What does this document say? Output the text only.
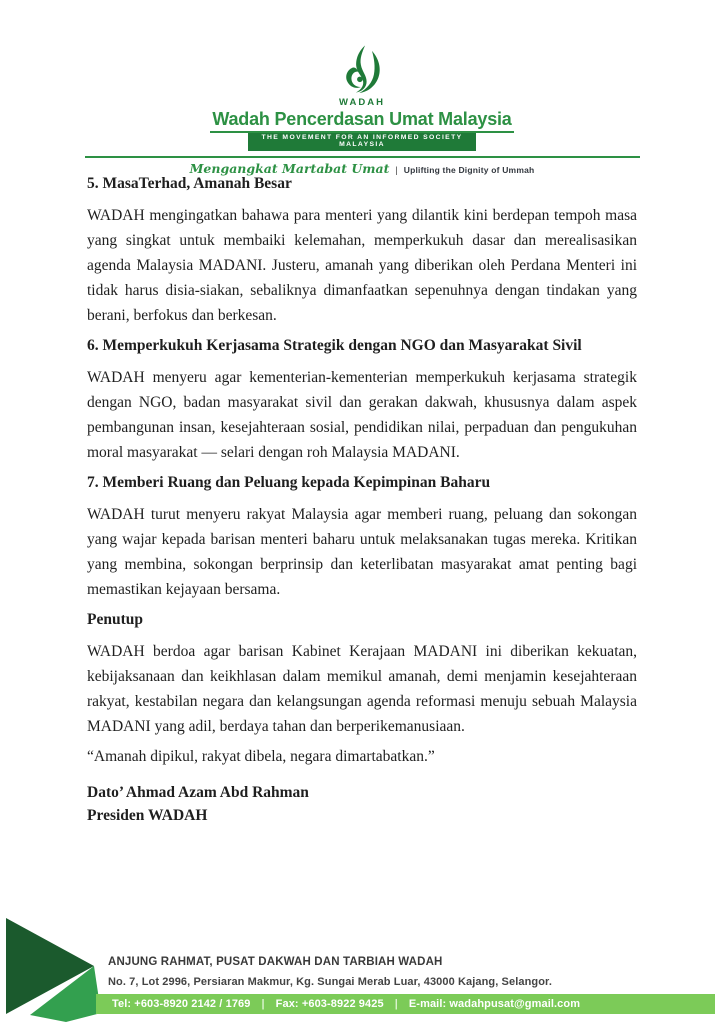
WADAH
Wadah Pencerdasan Umat Malaysia
THE MOVEMENT FOR AN INFORMED SOCIETY MALAYSIA
Mengangkat Martabat Umat | Uplifting the Dignity of Ummah
5. MasaTerhad, Amanah Besar

WADAH mengingatkan bahawa para menteri yang dilantik kini berdepan tempoh masa yang singkat untuk membaiki kelemahan, memperkukuh dasar dan merealisasikan agenda Malaysia MADANI. Justeru, amanah yang diberikan oleh Perdana Menteri ini tidak harus disia-siakan, sebaliknya dimanfaatkan sepenuhnya dengan tindakan yang berani, berfokus dan berkesan.

6. Memperkukuh Kerjasama Strategik dengan NGO dan Masyarakat Sivil

WADAH menyeru agar kementerian-kementerian memperkukuh kerjasama strategik dengan NGO, badan masyarakat sivil dan gerakan dakwah, khususnya dalam aspek pembangunan insan, kesejahteraan sosial, pendidikan nilai, perpaduan dan pengukuhan moral masyarakat — selari dengan roh Malaysia MADANI.

7. Memberi Ruang dan Peluang kepada Kepimpinan Baharu

WADAH turut menyeru rakyat Malaysia agar memberi ruang, peluang dan sokongan yang wajar kepada barisan menteri baharu untuk melaksanakan tugas mereka. Kritikan yang membina, sokongan berprinsip dan keterlibatan masyarakat amat penting bagi memastikan kejayaan bersama.

Penutup

WADAH berdoa agar barisan Kabinet Kerajaan MADANI ini diberikan kekuatan, kebijaksanaan dan keikhlasan dalam memikul amanah, demi menjamin kesejahteraan rakyat, kestabilan negara dan kelangsungan agenda reformasi menuju sebuah Malaysia MADANI yang adil, berdaya tahan dan berperikemanusiaan.

“Amanah dipikul, rakyat dibela, negara dimartabatkan.”

Dato’ Ahmad Azam Abd Rahman
Presiden WADAH
ANJUNG RAHMAT, PUSAT DAKWAH DAN TARBIAH WADAH
No. 7, Lot 2996, Persiaran Makmur, Kg. Sungai Merab Luar, 43000 Kajang, Selangor.
Tel: +603-8920 2142 / 1769 | Fax: +603-8922 9425 | E-mail: wadahpusat@gmail.com
